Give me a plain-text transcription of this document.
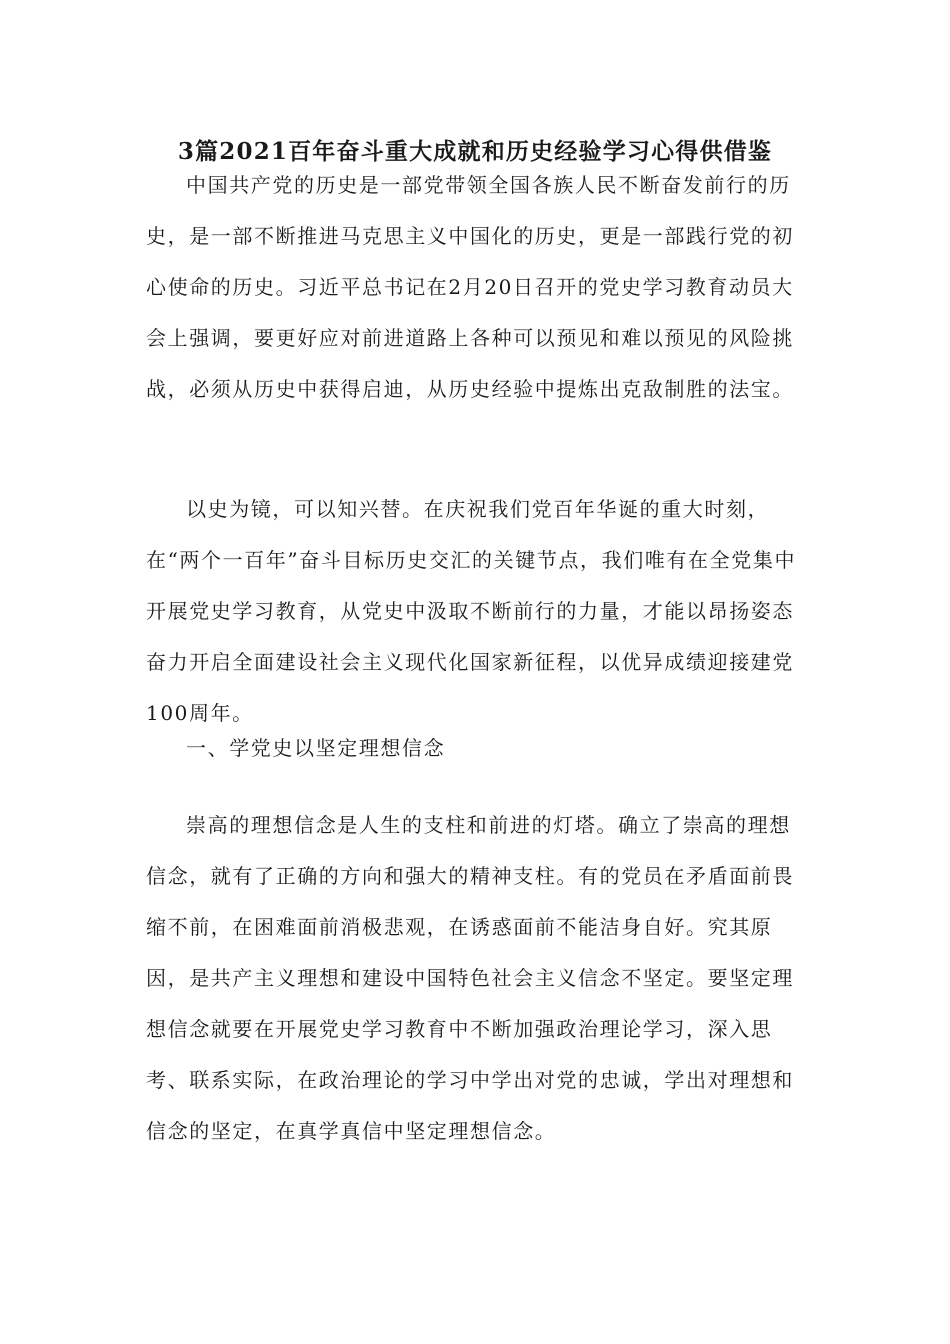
3篇2021百年奋斗重大成就和历史经验学习心得供借鉴

中国共产党的历史是一部党带领全国各族人民不断奋发前行的历史，是一部不断推进马克思主义中国化的历史，更是一部践行党的初心使命的历史。习近平总书记在2月20日召开的党史学习教育动员大会上强调，要更好应对前进道路上各种可以预见和难以预见的风险挑战，必须从历史中获得启迪，从历史经验中提炼出克敌制胜的法宝。

以史为镜，可以知兴替。在庆祝我们党百年华诞的重大时刻，在“两个一百年”奋斗目标历史交汇的关键节点，我们唯有在全党集中开展党史学习教育，从党史中汲取不断前行的力量，才能以昂扬姿态奋力开启全面建设社会主义现代化国家新征程，以优异成绩迎接建党100周年。

一、学党史以坚定理想信念

崇高的理想信念是人生的支柱和前进的灯塔。确立了崇高的理想信念，就有了正确的方向和强大的精神支柱。有的党员在矛盾面前畏缩不前，在困难面前消极悲观，在诱惑面前不能洁身自好。究其原因，是共产主义理想和建设中国特色社会主义信念不坚定。要坚定理想信念就要在开展党史学习教育中不断加强政治理论学习，深入思考、联系实际，在政治理论的学习中学出对党的忠诚，学出对理想和信念的坚定，在真学真信中坚定理想信念。
